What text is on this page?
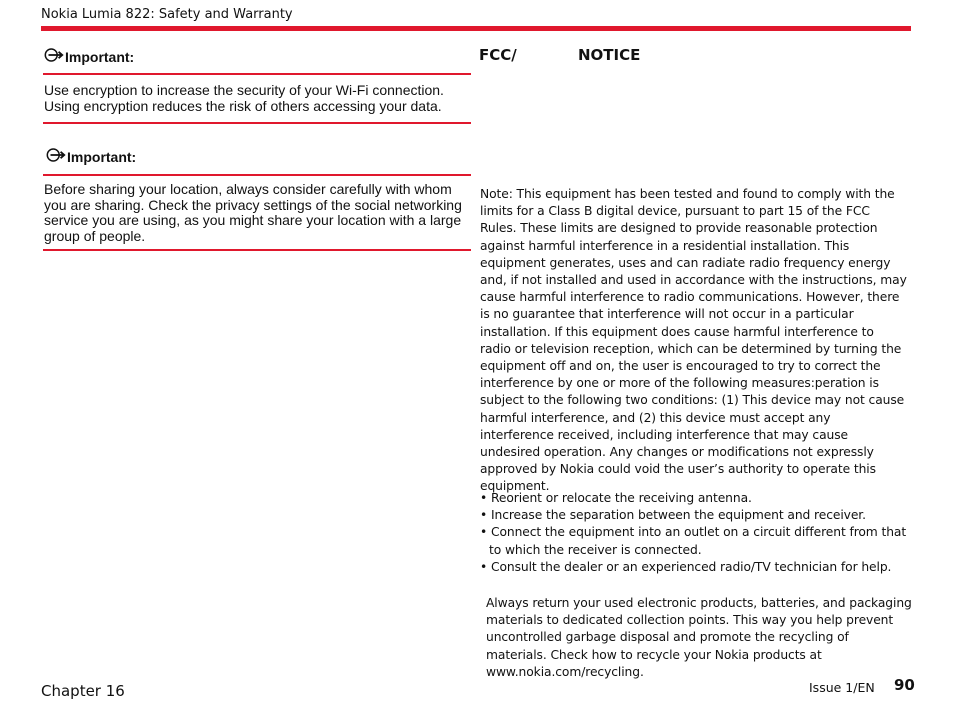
Nokia Lumia 822: Safety and Warranty
Important:
Use encryption to increase the security of your Wi-Fi connection. Using encryption reduces the risk of others accessing your data.
Important:
Before sharing your location, always consider carefully with whom you are sharing. Check the privacy settings of the social networking service you are using, as you might share your location with a large group of people.
FCC/	NOTICE
Note: This equipment has been tested and found to comply with the limits for a Class B digital device, pursuant to part 15 of the FCC Rules. These limits are designed to provide reasonable protection against harmful interference in a residential installation. This equipment generates, uses and can radiate radio frequency energy and, if not installed and used in accordance with the instructions, may cause harmful interference to radio communications. However, there is no guarantee that interference will not occur in a particular installation. If this equipment does cause harmful interference to radio or television reception, which can be determined by turning the equipment off and on, the user is encouraged to try to correct the interference by one or more of the following measures:peration is subject to the following two conditions: (1) This device may not cause harmful interference, and (2) this device must accept any interference received, including interference that may cause undesired operation. Any changes or modifications not expressly approved by Nokia could void the user’s authority to operate this equipment.
• Reorient or relocate the receiving antenna.
• Increase the separation between the equipment and receiver.
• Connect the equipment into an outlet on a circuit different from that to which the receiver is connected.
• Consult the dealer or an experienced radio/TV technician for help.
Always return your used electronic products, batteries, and packaging materials to dedicated collection points. This way you help prevent uncontrolled garbage disposal and promote the recycling of materials. Check how to recycle your Nokia products at www.nokia.com/recycling.
Chapter 16	Issue 1/EN 90
